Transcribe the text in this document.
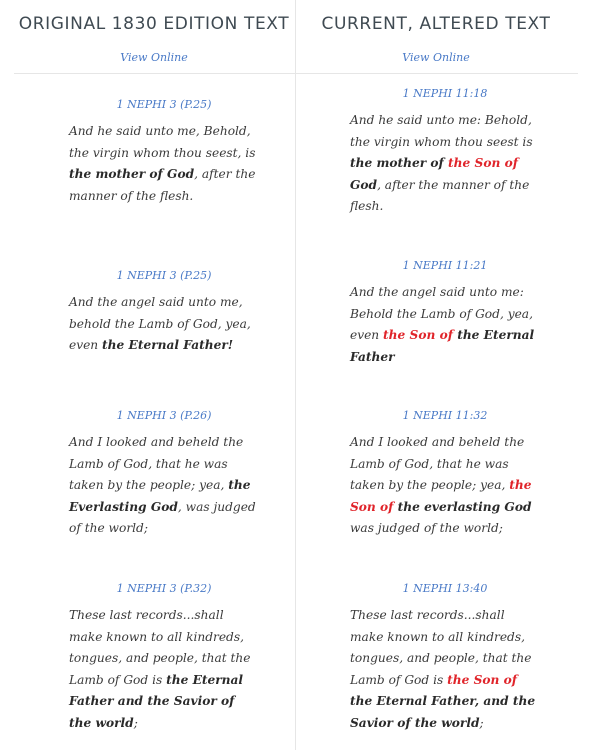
ORIGINAL 1830 EDITION TEXT
View Online
1 NEPHI 3 (P.25)
And he said unto me, Behold, the virgin whom thou seest, is the mother of God, after the manner of the flesh.
1 NEPHI 3 (P.25)
And the angel said unto me, behold the Lamb of God, yea, even the Eternal Father!
1 NEPHI 3 (P.26)
And I looked and beheld the Lamb of God, that he was taken by the people; yea, the Everlasting God, was judged of the world;
1 NEPHI 3 (P.32)
These last records...shall make known to all kindreds, tongues, and people, that the Lamb of God is the Eternal Father and the Savior of the world;
CURRENT, ALTERED TEXT
View Online
1 NEPHI 11:18
And he said unto me: Behold, the virgin whom thou seest is the mother of the Son of God, after the manner of the flesh.
1 NEPHI 11:21
And the angel said unto me: Behold the Lamb of God, yea, even the Son of the Eternal Father
1 NEPHI 11:32
And I looked and beheld the Lamb of God, that he was taken by the people; yea, the Son of the everlasting God was judged of the world;
1 NEPHI 13:40
These last records...shall make known to all kindreds, tongues, and people, that the Lamb of God is the Son of the Eternal Father, and the Savior of the world;
